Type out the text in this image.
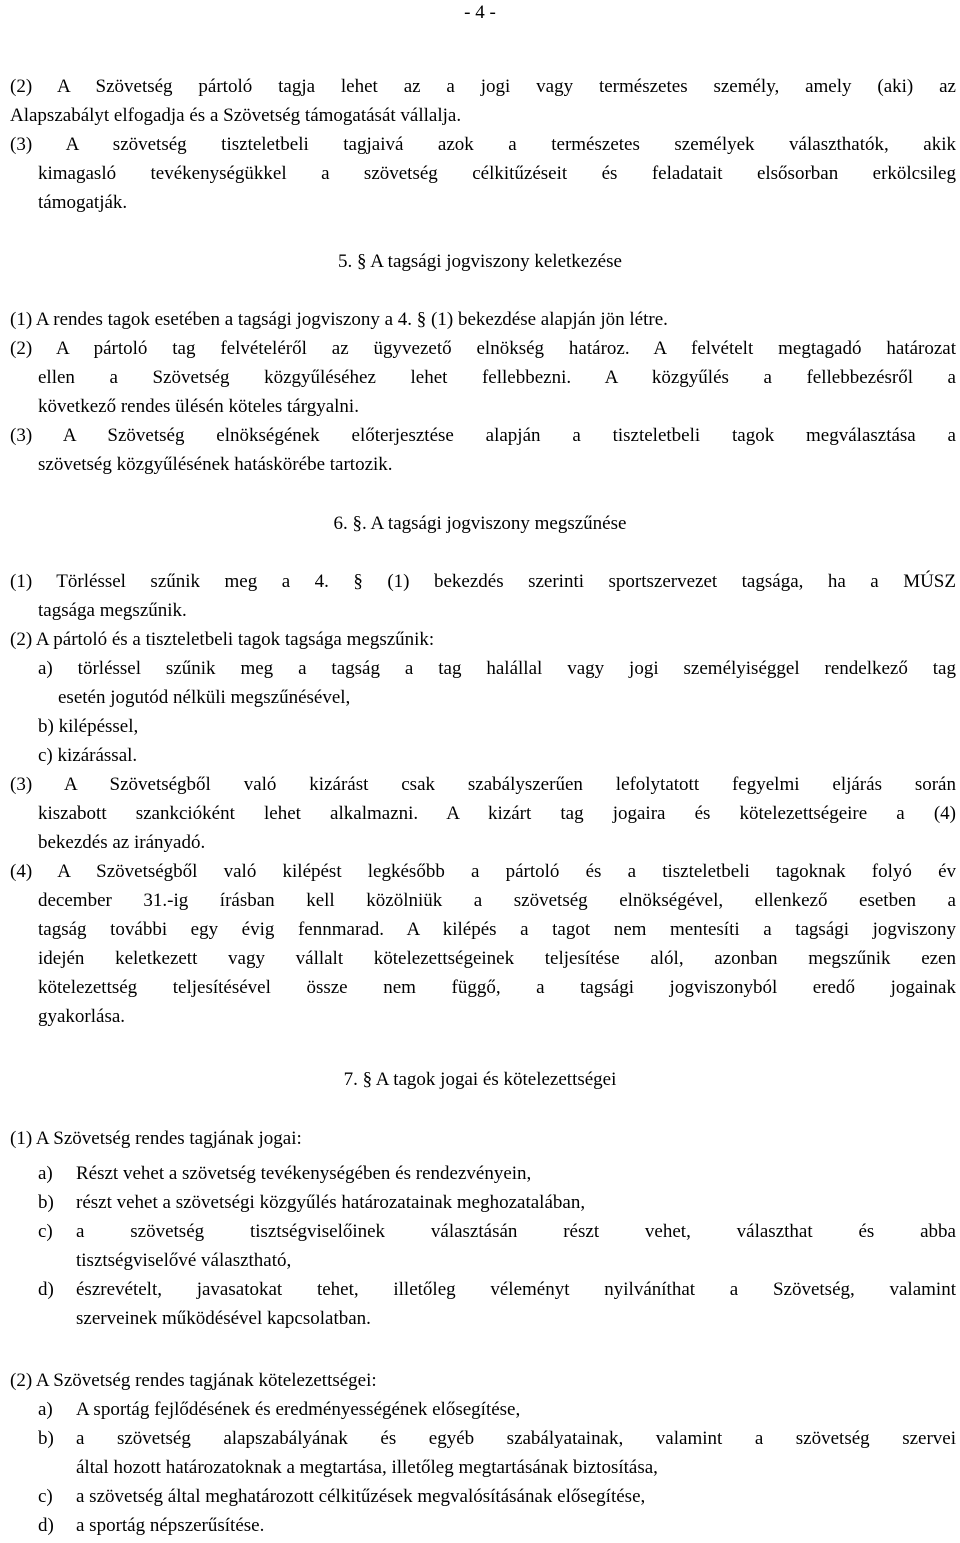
- 4 -
(2) A Szövetség pártoló tagja lehet az a jogi vagy természetes személy, amely (aki) az
Alapszabályt elfogadja és a Szövetség támogatását vállalja.
(3) A szövetség tiszteletbeli tagjaivá azok a természetes személyek választhatók, akik
kimagasló tevékenységükkel a szövetség célkitűzéseit és feladatait elsősorban erkölcsileg
támogatják.
5. § A tagsági jogviszony keletkezése
(1) A rendes tagok esetében a tagsági jogviszony a 4. § (1) bekezdése alapján jön létre.
(2) A pártoló tag felvételéről az ügyvezető elnökség határoz. A felvételt megtagadó határozat
ellen a Szövetség közgyűléséhez lehet fellebbezni. A közgyűlés a fellebbezésről a
következő rendes ülésén köteles tárgyalni.
(3) A Szövetség elnökségének előterjesztése alapján a tiszteletbeli tagok megválasztása a
szövetség közgyűlésének hatáskörébe tartozik.
6. §. A tagsági jogviszony megszűnése
(1) Törléssel szűnik meg a 4. § (1) bekezdés szerinti sportszervezet tagsága, ha a MÚSZ
tagsága megszűnik.
(2) A pártoló és a tiszteletbeli tagok tagsága megszűnik:
a) törléssel szűnik meg a tagság a tag halállal vagy jogi személyiséggel rendelkező tag
esetén jogutód nélküli megszűnésével,
b) kilépéssel,
c) kizárással.
(3) A Szövetségből való kizárást csak szabályszerűen lefolytatott fegyelmi eljárás során
kiszabott szankcióként lehet alkalmazni. A kizárt tag jogaira és kötelezettségeire a (4)
bekezdés az irányadó.
(4) A Szövetségből való kilépést legkésőbb a pártoló és a tiszteletbeli tagoknak folyó év
december 31.-ig írásban kell közölniük a szövetség elnökségével, ellenkező esetben a
tagság további egy évig fennmarad. A kilépés a tagot nem mentesíti a tagsági jogviszony
idején keletkezett vagy vállalt kötelezettségeinek teljesítése alól, azonban megszűnik ezen
kötelezettség teljesítésével össze nem függő, a tagsági jogviszonyból eredő jogainak
gyakorlása.
7. § A tagok jogai és kötelezettségei
(1) A Szövetség rendes tagjának jogai:
a) Részt vehet a szövetség tevékenységében és rendezvényein,
b) részt vehet a szövetségi közgyűlés határozatainak meghozatalában,
c) a szövetség tisztségviselőinek választásán részt vehet, választhat és abba
tisztségviselővé választható,
d) észrevételt, javasatokat tehet, illetőleg véleményt nyilváníthat a Szövetség, valamint
szerveinek működésével kapcsolatban.
(2) A Szövetség rendes tagjának kötelezettségei:
a) A sportág fejlődésének és eredményességének elősegítése,
b) a szövetség alapszabályának és egyéb szabályatainak, valamint a szövetség szervei
által hozott határozatoknak a megtartása, illetőleg megtartásának biztosítása,
c) a szövetség által meghatározott célkitűzések megvalósításának elősegítése,
d) a sportág népszerűsítése.
